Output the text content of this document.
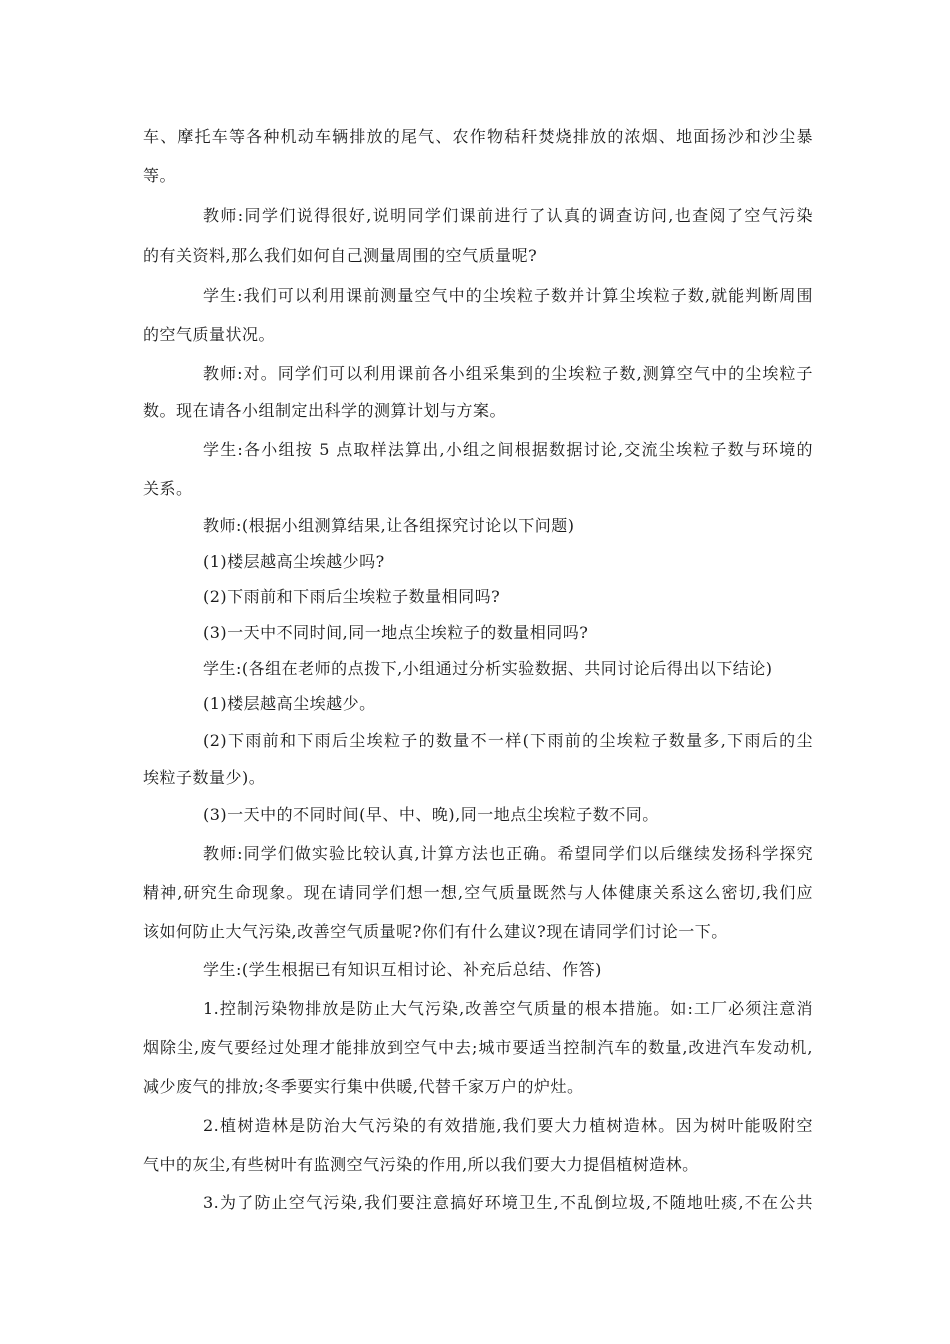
车、摩托车等各种机动车辆排放的尾气、农作物秸秆焚烧排放的浓烟、地面扬沙和沙尘暴
等。
教师:同学们说得很好,说明同学们课前进行了认真的调查访问,也查阅了空气污染
的有关资料,那么我们如何自己测量周围的空气质量呢?
学生:我们可以利用课前测量空气中的尘埃粒子数并计算尘埃粒子数,就能判断周围
的空气质量状况。
教师:对。同学们可以利用课前各小组采集到的尘埃粒子数,测算空气中的尘埃粒子
数。现在请各小组制定出科学的测算计划与方案。
学生:各小组按 5 点取样法算出,小组之间根据数据讨论,交流尘埃粒子数与环境的
关系。
教师:(根据小组测算结果,让各组探究讨论以下问题)
(1)楼层越高尘埃越少吗?
(2)下雨前和下雨后尘埃粒子数量相同吗?
(3)一天中不同时间,同一地点尘埃粒子的数量相同吗?
学生:(各组在老师的点拨下,小组通过分析实验数据、共同讨论后得出以下结论)
(1)楼层越高尘埃越少。
(2)下雨前和下雨后尘埃粒子的数量不一样(下雨前的尘埃粒子数量多,下雨后的尘
埃粒子数量少)。
(3)一天中的不同时间(早、中、晚),同一地点尘埃粒子数不同。
教师:同学们做实验比较认真,计算方法也正确。希望同学们以后继续发扬科学探究
精神,研究生命现象。现在请同学们想一想,空气质量既然与人体健康关系这么密切,我们应
该如何防止大气污染,改善空气质量呢?你们有什么建议?现在请同学们讨论一下。
学生:(学生根据已有知识互相讨论、补充后总结、作答)
1.控制污染物排放是防止大气污染,改善空气质量的根本措施。如:工厂必须注意消
烟除尘,废气要经过处理才能排放到空气中去;城市要适当控制汽车的数量,改进汽车发动机,
减少废气的排放;冬季要实行集中供暖,代替千家万户的炉灶。
2.植树造林是防治大气污染的有效措施,我们要大力植树造林。因为树叶能吸附空
气中的灰尘,有些树叶有监测空气污染的作用,所以我们要大力提倡植树造林。
3.为了防止空气污染,我们要注意搞好环境卫生,不乱倒垃圾,不随地吐痰,不在公共
